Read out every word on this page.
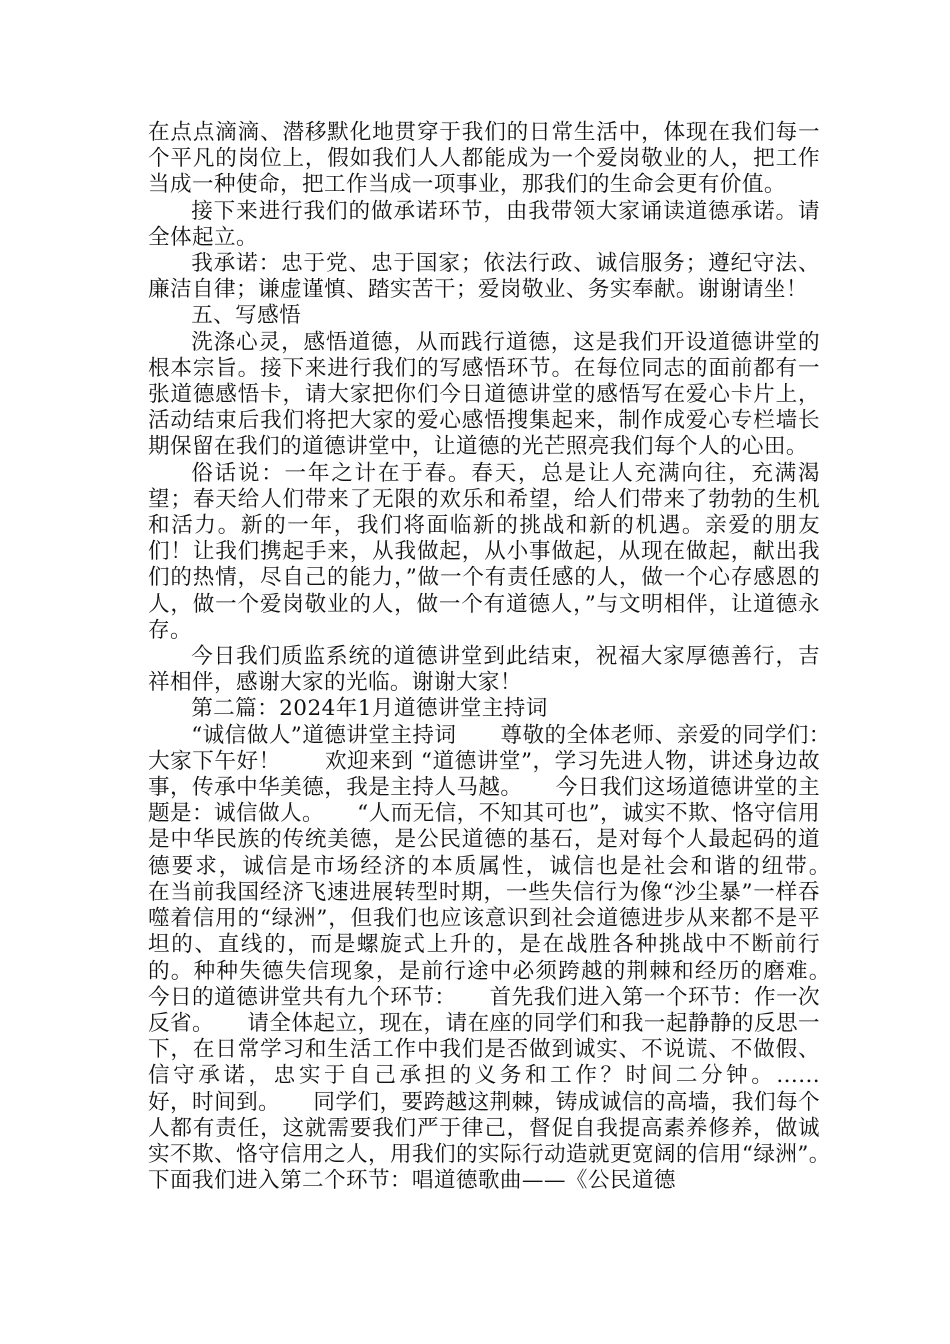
在点点滴滴、潜移默化地贯穿于我们的日常生活中，体现在我们每一个平凡的岗位上，假如我们人人都能成为一个爱岗敬业的人，把工作当成一种使命，把工作当成一项事业，那我们的生命会更有价值。

接下来进行我们的做承诺环节，由我带领大家诵读道德承诺。请全体起立。

我承诺：忠于党、忠于国家；依法行政、诚信服务；遵纪守法、廉洁自律；谦虚谨慎、踏实苦干；爱岗敬业、务实奉献。谢谢请坐！

五、写感悟

洗涤心灵，感悟道德，从而践行道德，这是我们开设道德讲堂的根本宗旨。接下来进行我们的写感悟环节。在每位同志的面前都有一张道德感悟卡，请大家把你们今日道德讲堂的感悟写在爱心卡片上，活动结束后我们将把大家的爱心感悟搜集起来，制作成爱心专栏墙长期保留在我们的道德讲堂中，让道德的光芒照亮我们每个人的心田。

俗话说：一年之计在于春。春天，总是让人充满向往，充满渴望；春天给人们带来了无限的欢乐和希望，给人们带来了勃勃的生机和活力。新的一年，我们将面临新的挑战和新的机遇。亲爱的朋友们！让我们携起手来，从我做起，从小事做起，从现在做起，献出我们的热情，尽自己的能力，”做一个有责任感的人，做一个心存感恩的人，做一个爱岗敬业的人，做一个有道德人，”与文明相伴，让道德永存。

今日我们质监系统的道德讲堂到此结束，祝福大家厚德善行，吉祥相伴，感谢大家的光临。谢谢大家！

第二篇：2024年1月道德讲堂主持词

“诚信做人”道德讲堂主持词　　尊敬的全体老师、亲爱的同学们：　　大家下午好！　　欢迎来到 “道德讲堂”，学习先进人物，讲述身边故事，传承中华美德，我是主持人马越。　　今日我们这场道德讲堂的主题是：诚信做人。　　“人而无信，不知其可也”，诚实不欺、恪守信用是中华民族的传统美德，是公民道德的基石，是对每个人最起码的道德要求，诚信是市场经济的本质属性，诚信也是社会和谐的纽带。　　在当前我国经济飞速进展转型时期，一些失信行为像“沙尘暴”一样吞噬着信用的“绿洲”，但我们也应该意识到社会道德进步从来都不是平坦的、直线的，而是螺旋式上升的，是在战胜各种挑战中不断前行的。种种失德失信现象，是前行途中必须跨越的荆棘和经历的磨难。　　今日的道德讲堂共有九个环节：　　首先我们进入第一个环节：作一次反省。　　请全体起立，现在，请在座的同学们和我一起静静的反思一下，在日常学习和生活工作中我们是否做到诚实、不说谎、不做假、信守承诺，忠实于自己承担的义务和工作？时间二分钟。......　　好，时间到。　　同学们，要跨越这荆棘，铸成诚信的高墙，我们每个人都有责任，这就需要我们严于律己，督促自我提高素养修养，做诚实不欺、恪守信用之人，用我们的实际行动造就更宽阔的信用“绿洲”。　　下面我们进入第二个环节：唱道德歌曲——《公民道德
